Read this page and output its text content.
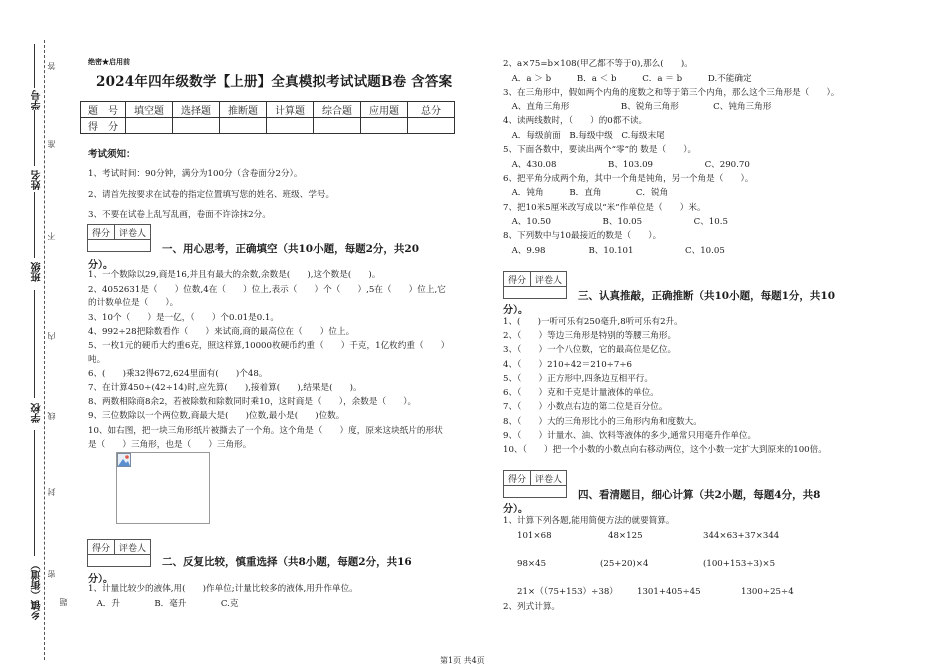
学号
姓名
班级
学校
乡镇（街道）
答
准
不
内
线
封
密
题
绝密★启用前
2024年四年级数学【上册】全真模拟考试试题B卷 含答案
题　号	填空题	选择题	推断题	计算题	综合题	应用题	总分
得　分							
考试须知：
1、考试时间：90分钟，满分为100分（含卷面分2分）。
2、请首先按要求在试卷的指定位置填写您的姓名、班级、学号。
3、不要在试卷上乱写乱画，卷面不许涂抹2分。
得分	评卷人
一、用心思考，正确填空（共10小题，每题2分，共20
分）。
1、一个数除以29,商是16,并且有最大的余数,余数是(　　),这个数是(　　)。
2、4052631是（　　）位数,4在（　　）位上,表示（　　）个（　　）,5在（　　）位上,它
的计数单位是（　　）。
3、10个（　　）是一亿，（　　）个0.01是0.1。
4、992÷28把除数看作（　　）来试商,商的最高位在（　　）位上。
5、一枚1元的硬币大约重6克，照这样算,10000枚硬币约重（　　）千克，1亿枚约重（　　）
吨。
6、(　　)乘32得672,624里面有(　　)个48。
7、在计算450÷(42÷14)时,应先算(　　),接着算(　　),结果是(　　)。
8、两数相除商8余2，若被除数和除数同时乘10，这时商是（　　），余数是（　　）。
9、三位数除以一个两位数,商最大是(　　)位数,最小是(　　)位数。
10、如右图，把一块三角形纸片被撕去了一个角。这个角是（　　）度，原来这块纸片的形状
是（　　）三角形，也是（　　）三角形。
得分	评卷人
二、反复比较，慎重选择（共8小题，每题2分，共16
分）。
1、计量比较少的液体,用(　　)作单位;计量比较多的液体,用升作单位。
　A．升　　　　B．毫升　　　　C.克
2、a×75=b×108(甲乙都不等于0),那么(　　)。
　A．a ＞ b　　　B．a ＜ b　　　C．a ＝ b　　　D.不能确定
3、在三角形中，假如两个内角的度数之和等于第三个内角，那么这个三角形是（　　）。
　A、直角三角形　　　　　　B、锐角三角形　　　　C、钝角三角形
4、读两线数时，（　　）的0都不读。
　A．每级前面　B.每级中级　C.每级末尾
5、下面各数中，要读出两个“零”的 数是（　　）。
　A、430.08　　　　　　B、103.09　　　　　　C、290.70
6、把平角分成两个角，其中一个角是钝角，另一个角是（　　）。
　A．钝角　　　B．直角　　　　C．锐角
7、把10米5厘米改写成以“米”作单位是（　　）米。
　A、10.50　　　　　　B、10.05　　　　　　C、10.5
8、下列数中与10最接近的数是（　　）。
　A、9.98　　　　　B、10.101　　　　　　C、10.05
得分	评卷人
三、认真推敲，正确推断（共10小题，每题1分，共10
分）。
1、(　　)一听可乐有250毫升,8听可乐有2升。
2、（　　）等边三角形是特别的等腰三角形。
3、（　　）一个八位数，它的最高位是亿位。
4、（　　）210÷42＝210÷7÷6
5、（　　）正方形中,四条边互相平行。
6、（　　）克和千克是计量液体的单位。
7、（　　）小数点右边的第二位是百分位。
8、（　　）大的三角形比小的三角形内角和度数大。
9、（　　）计量水、油、饮料等液体的多少,通常只用毫升作单位。
10、（　　）把一个小数的小数点向右移动两位，这个小数一定扩大到原来的100倍。
得分	评卷人
四、看清题目，细心计算（共2小题，每题4分，共8
分）。
1、计算下列各题,能用简便方法的就要简算。
101×68	48×125	344×63+37×344
98×45	(25+20)×4	(100+153÷3)×5
21×（（75+153）÷38） 1301+405÷45	1300÷25÷4
2、列式计算。
第1页 共4页
